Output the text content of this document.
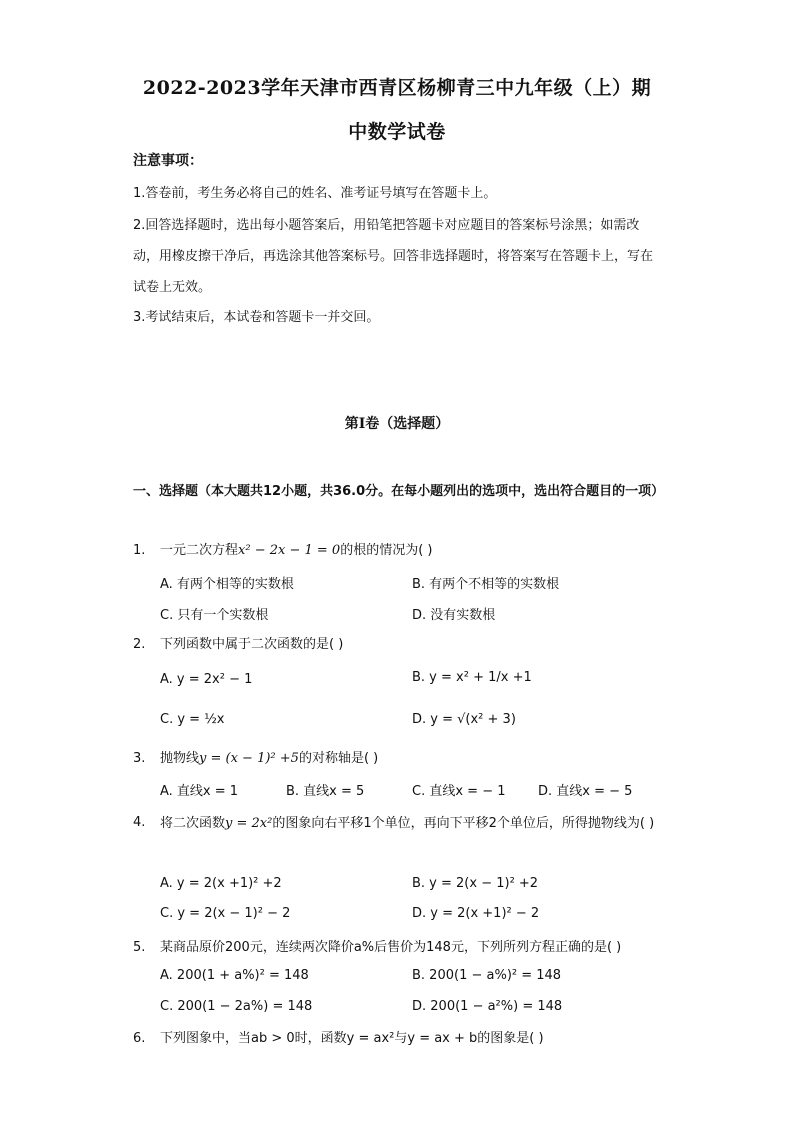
2022-2023学年天津市西青区杨柳青三中九年级（上）期
中数学试卷
注意事项：
1.答卷前，考生务必将自己的姓名、准考证号填写在答题卡上。
2.回答选择题时，选出每小题答案后，用铅笔把答题卡对应题目的答案标号涂黑；如需改动，用橡皮擦干净后，再选涂其他答案标号。回答非选择题时，将答案写在答题卡上，写在试卷上无效。
3.考试结束后，本试卷和答题卡一并交回。
第Ⅰ卷（选择题）
一、选择题（本大题共12小题，共36.0分。在每小题列出的选项中，选出符合题目的一项）
1. 一元二次方程x² − 2x − 1 = 0的根的情况为( )
A. 有两个相等的实数根	B. 有两个不相等的实数根
C. 只有一个实数根	D. 没有实数根
2. 下列函数中属于二次函数的是( )
A. y = 2x² − 1	B. y = x² + 1/x +1
C. y = ½x	D. y = √(x² + 3)
3. 抛物线y = (x − 1)² +5的对称轴是( )
A. 直线x = 1	B. 直线x = 5	C. 直线x = − 1	D. 直线x = − 5
4. 将二次函数y = 2x²的图象向右平移1个单位，再向下平移2个单位后，所得抛物线为( )
A. y = 2(x +1)² +2	B. y = 2(x − 1)² +2
C. y = 2(x − 1)² − 2	D. y = 2(x +1)² − 2
5. 某商品原价200元，连续两次降价a%后售价为148元，下列所列方程正确的是( )
A. 200(1 + a%)² = 148	B. 200(1 − a%)² = 148
C. 200(1 − 2a%) = 148	D. 200(1 − a²%) = 148
6. 下列图象中，当ab > 0时，函数y = ax²与y = ax + b的图象是( )
